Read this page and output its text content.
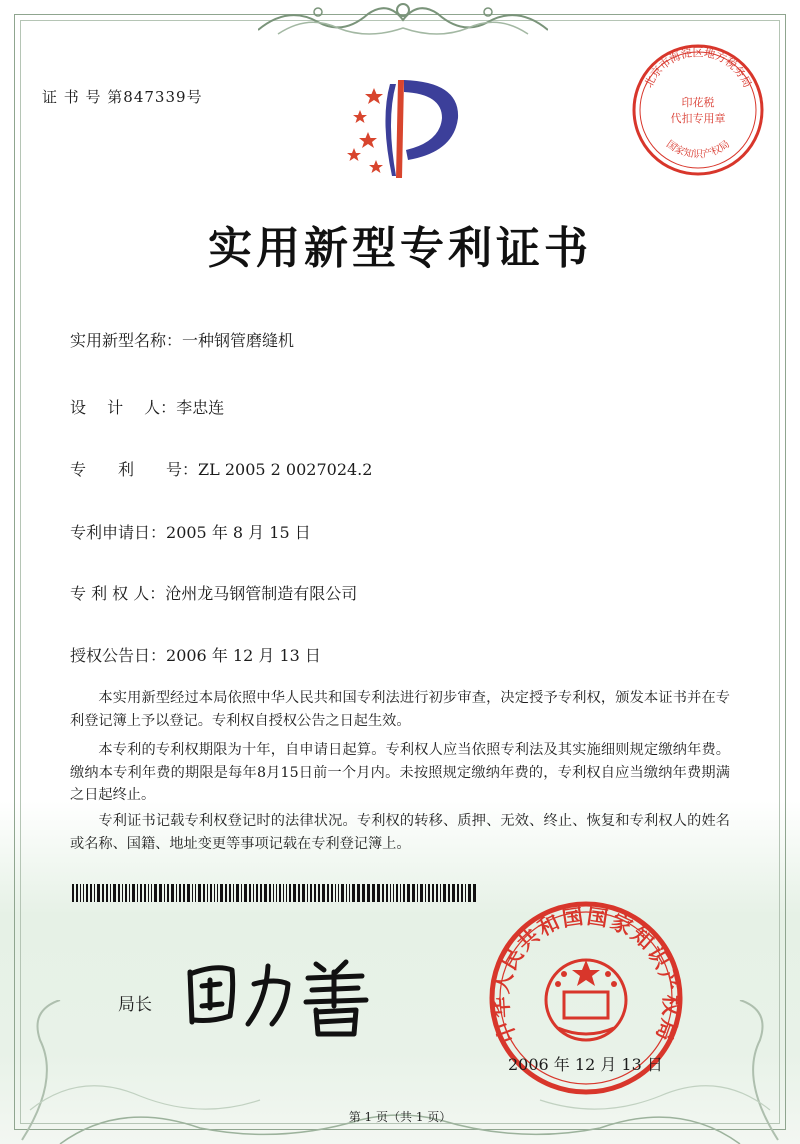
证 书 号 第847339号
北京市海淀区地方税务局
印花税
代扣专用章
国家知识产权局
实用新型专利证书
实用新型名称：一种钢管磨缝机
设　 计　 人：李忠连
专　　利　　号：ZL 2005 2 0027024.2
专利申请日：2005 年 8 月 15 日
专 利 权 人：沧州龙马钢管制造有限公司
授权公告日：2006 年 12 月 13 日
本实用新型经过本局依照中华人民共和国专利法进行初步审查，决定授予专利权，颁发本证书并在专利登记簿上予以登记。专利权自授权公告之日起生效。
本专利的专利权期限为十年，自申请日起算。专利权人应当依照专利法及其实施细则规定缴纳年费。缴纳本专利年费的期限是每年8月15日前一个月内。未按照规定缴纳年费的，专利权自应当缴纳年费期满之日起终止。
专利证书记载专利权登记时的法律状况。专利权的转移、质押、无效、终止、恢复和专利权人的姓名或名称、国籍、地址变更等事项记载在专利登记簿上。
局长
中华人民共和国国家知识产权局
2006 年 12 月 13 日
第 1 页（共 1 页）
